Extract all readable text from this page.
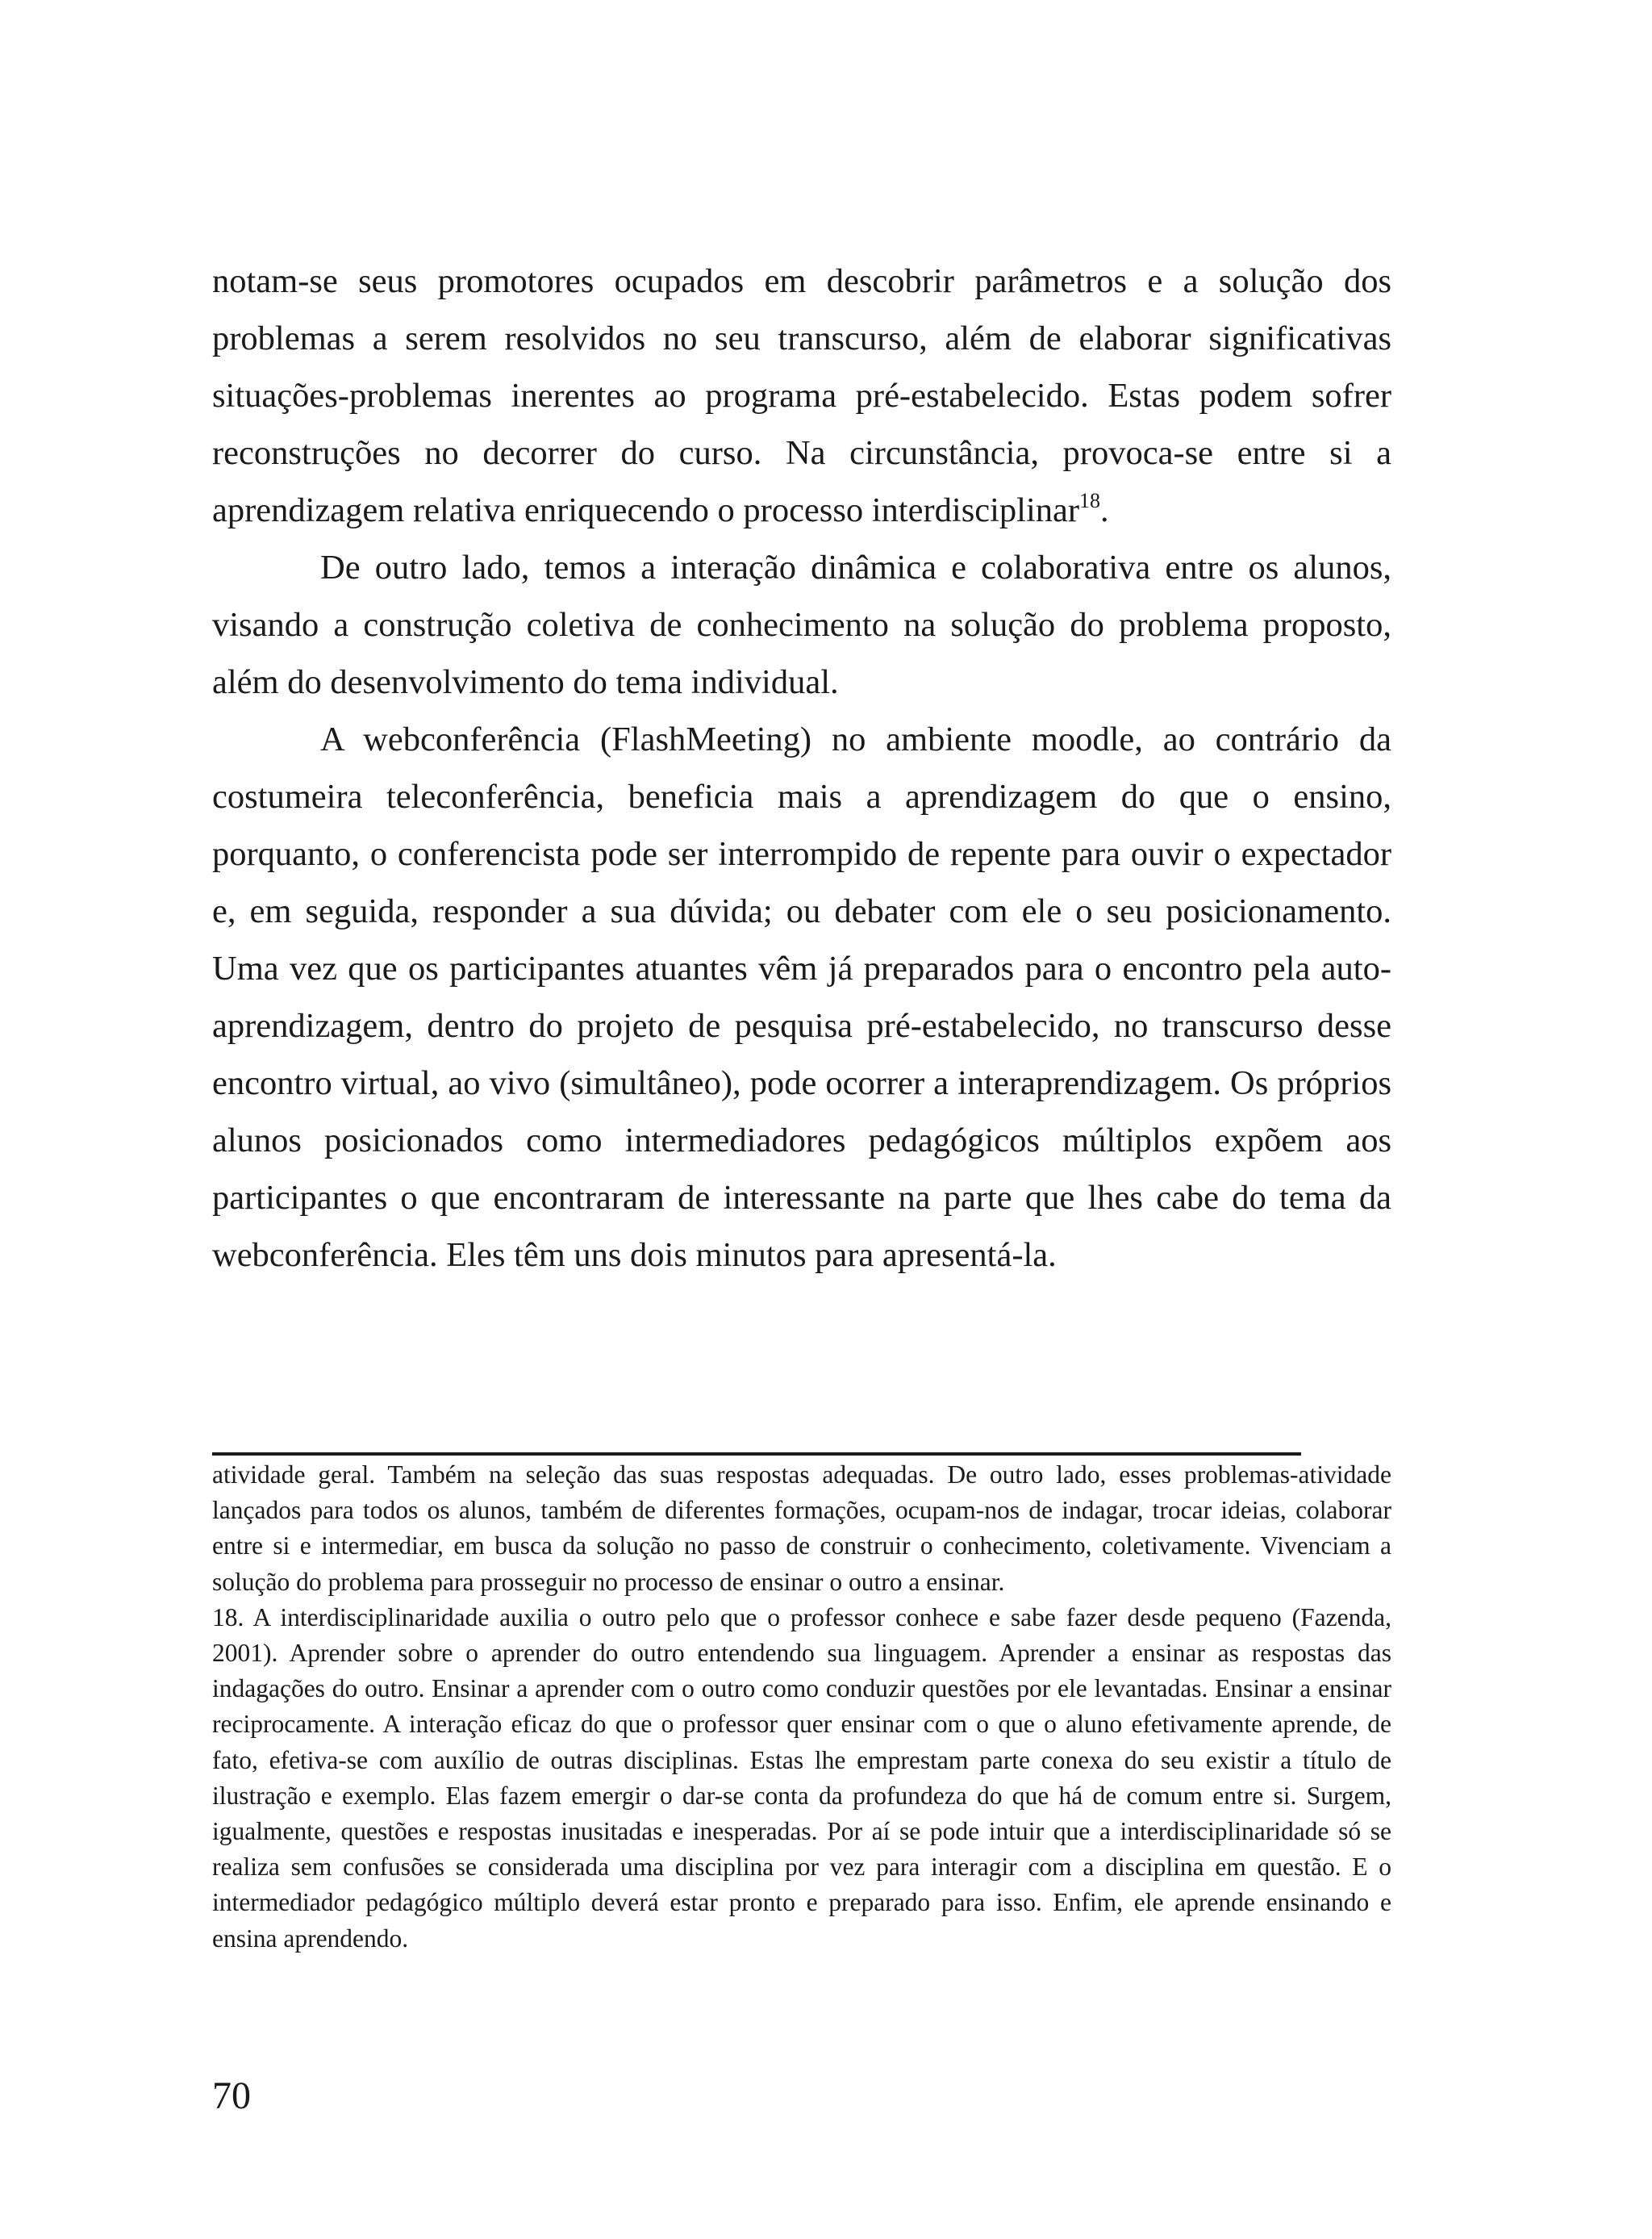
notam-se seus promotores ocupados em descobrir parâmetros e a solução dos problemas a serem resolvidos no seu transcurso, além de elaborar significativas situações-problemas inerentes ao programa pré-estabelecido. Estas podem sofrer reconstruções no decorrer do curso. Na circunstância, provoca-se entre si a aprendizagem relativa enriquecendo o processo interdisciplinar$^{18}$.

De outro lado, temos a interação dinâmica e colaborativa entre os alunos, visando a construção coletiva de conhecimento na solução do problema proposto, além do desenvolvimento do tema individual.

A webconferência (FlashMeeting) no ambiente moodle, ao contrário da costumeira teleconferência, beneficia mais a aprendizagem do que o ensino, porquanto, o conferencista pode ser interrompido de repente para ouvir o expectador e, em seguida, responder a sua dúvida; ou debater com ele o seu posicionamento. Uma vez que os participantes atuantes vêm já preparados para o encontro pela auto-aprendizagem, dentro do projeto de pesquisa pré-estabelecido, no transcurso desse encontro virtual, ao vivo (simultâneo), pode ocorrer a interaprendizagem. Os próprios alunos posicionados como intermediadores pedagógicos múltiplos expõem aos participantes o que encontraram de interessante na parte que lhes cabe do tema da webconferência. Eles têm uns dois minutos para apresentá-la.

atividade geral. Também na seleção das suas respostas adequadas. De outro lado, esses problemas-atividade lançados para todos os alunos, também de diferentes formações, ocupam-nos de indagar, trocar ideias, colaborar entre si e intermediar, em busca da solução no passo de construir o conhecimento, coletivamente. Vivenciam a solução do problema para prosseguir no processo de ensinar o outro a ensinar.

18. A interdisciplinaridade auxilia o outro pelo que o professor conhece e sabe fazer desde pequeno (Fazenda, 2001). Aprender sobre o aprender do outro entendendo sua linguagem. Aprender a ensinar as respostas das indagações do outro. Ensinar a aprender com o outro como conduzir questões por ele levantadas. Ensinar a ensinar reciprocamente. A interação eficaz do que o professor quer ensinar com o que o aluno efetivamente aprende, de fato, efetiva-se com auxílio de outras disciplinas. Estas lhe emprestam parte conexa do seu existir a título de ilustração e exemplo. Elas fazem emergir o dar-se conta da profundeza do que há de comum entre si. Surgem, igualmente, questões e respostas inusitadas e inesperadas. Por aí se pode intuir que a interdisciplinaridade só se realiza sem confusões se considerada uma disciplina por vez para interagir com a disciplina em questão. E o intermediador pedagógico múltiplo deverá estar pronto e preparado para isso. Enfim, ele aprende ensinando e ensina aprendendo.

70
